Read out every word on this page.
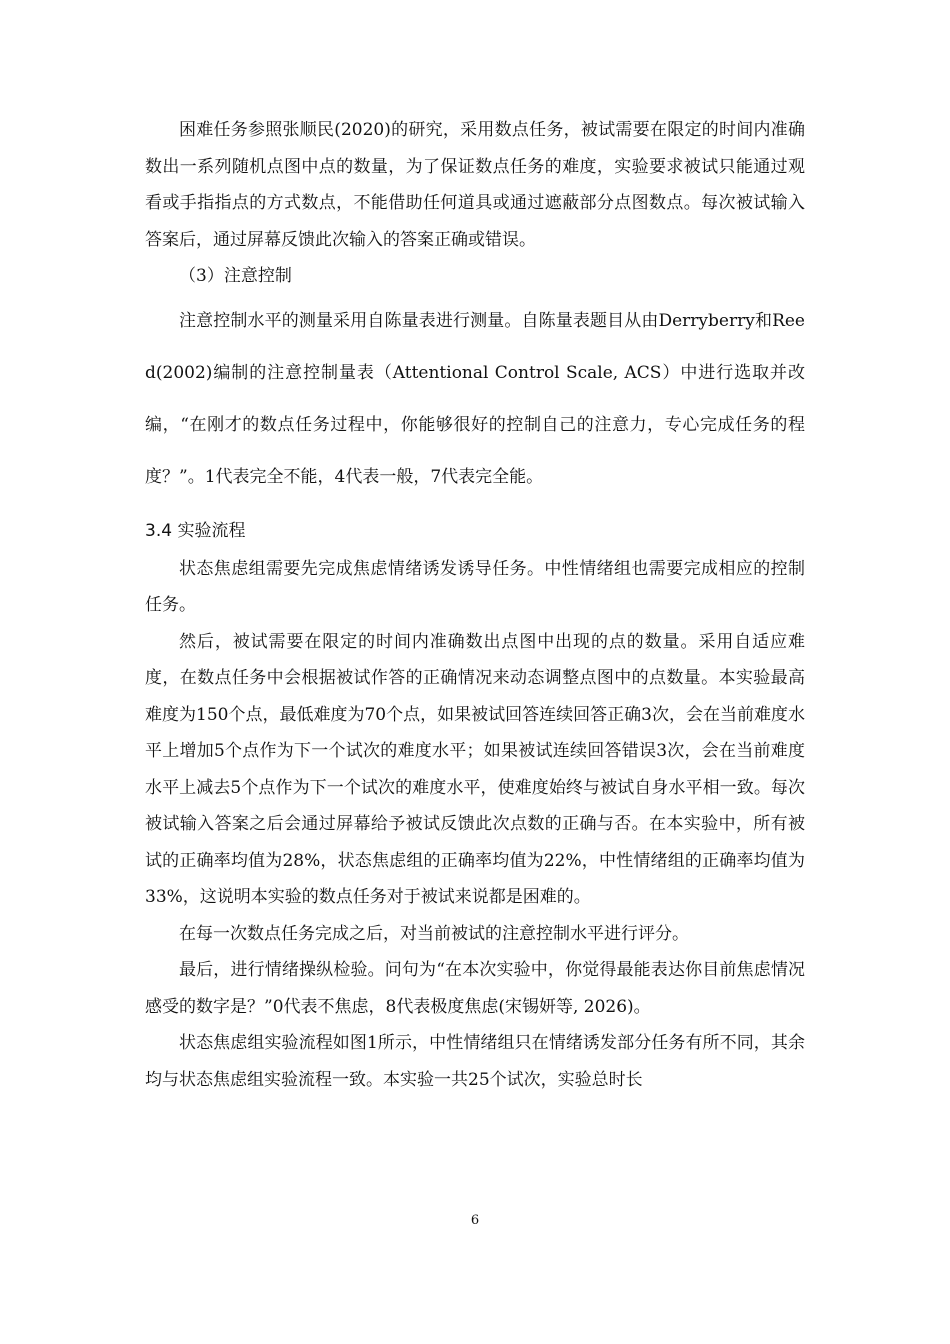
困难任务参照张顺民(2020)的研究，采用数点任务，被试需要在限定的时间内准确数出一系列随机点图中点的数量，为了保证数点任务的难度，实验要求被试只能通过观看或手指指点的方式数点，不能借助任何道具或通过遮蔽部分点图数点。每次被试输入答案后，通过屏幕反馈此次输入的答案正确或错误。

（3）注意控制

注意控制水平的测量采用自陈量表进行测量。自陈量表题目从由Derryberry和Reed(2002)编制的注意控制量表（Attentional Control Scale, ACS）中进行选取并改编，“在刚才的数点任务过程中，你能够很好的控制自己的注意力，专心完成任务的程度？”。1代表完全不能，4代表一般，7代表完全能。

3.4 实验流程

状态焦虑组需要先完成焦虑情绪诱发诱导任务。中性情绪组也需要完成相应的控制任务。

然后，被试需要在限定的时间内准确数出点图中出现的点的数量。采用自适应难度，在数点任务中会根据被试作答的正确情况来动态调整点图中的点数量。本实验最高难度为150个点，最低难度为70个点，如果被试回答连续回答正确3次，会在当前难度水平上增加5个点作为下一个试次的难度水平；如果被试连续回答错误3次，会在当前难度水平上减去5个点作为下一个试次的难度水平，使难度始终与被试自身水平相一致。每次被试输入答案之后会通过屏幕给予被试反馈此次点数的正确与否。在本实验中，所有被试的正确率均值为28%，状态焦虑组的正确率均值为22%，中性情绪组的正确率均值为33%，这说明本实验的数点任务对于被试来说都是困难的。

在每一次数点任务完成之后，对当前被试的注意控制水平进行评分。

最后，进行情绪操纵检验。问句为“在本次实验中，你觉得最能表达你目前焦虑情况感受的数字是？”0代表不焦虑，8代表极度焦虑(宋锡妍等, 2026)。

状态焦虑组实验流程如图1所示，中性情绪组只在情绪诱发部分任务有所不同，其余均与状态焦虑组实验流程一致。本实验一共25个试次，实验总时长

6
